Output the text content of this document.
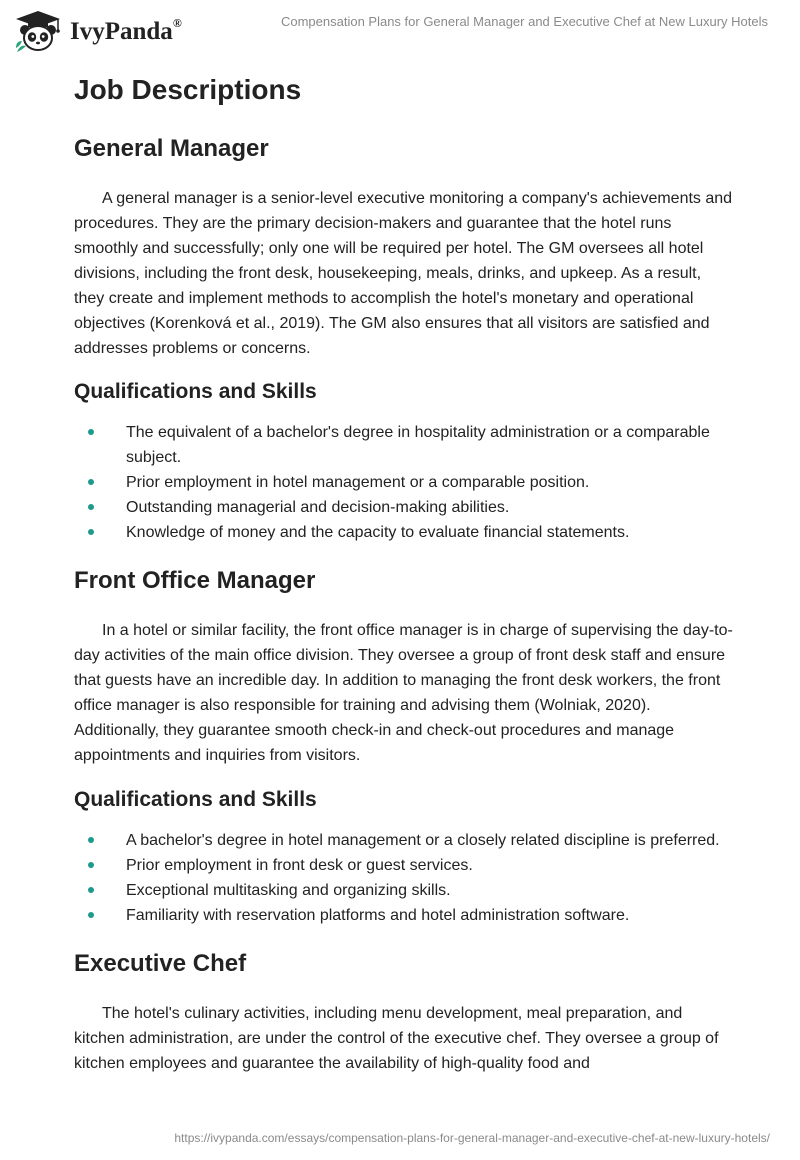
IvyPanda®	Compensation Plans for General Manager and Executive Chef at New Luxury Hotels
Job Descriptions
General Manager

A general manager is a senior-level executive monitoring a company's achievements and procedures. They are the primary decision-makers and guarantee that the hotel runs smoothly and successfully; only one will be required per hotel. The GM oversees all hotel divisions, including the front desk, housekeeping, meals, drinks, and upkeep. As a result, they create and implement methods to accomplish the hotel's monetary and operational objectives (Korenková et al., 2019). The GM also ensures that all visitors are satisfied and addresses problems or concerns.

Qualifications and Skills
The equivalent of a bachelor's degree in hospitality administration or a comparable subject.
Prior employment in hotel management or a comparable position.
Outstanding managerial and decision-making abilities.
Knowledge of money and the capacity to evaluate financial statements.
Front Office Manager

In a hotel or similar facility, the front office manager is in charge of supervising the day-to-day activities of the main office division. They oversee a group of front desk staff and ensure that guests have an incredible day. In addition to managing the front desk workers, the front office manager is also responsible for training and advising them (Wolniak, 2020). Additionally, they guarantee smooth check-in and check-out procedures and manage appointments and inquiries from visitors.

Qualifications and Skills
A bachelor's degree in hotel management or a closely related discipline is preferred.
Prior employment in front desk or guest services.
Exceptional multitasking and organizing skills.
Familiarity with reservation platforms and hotel administration software.
Executive Chef

The hotel's culinary activities, including menu development, meal preparation, and kitchen administration, are under the control of the executive chef. They oversee a group of kitchen employees and guarantee the availability of high-quality food and

https://ivypanda.com/essays/compensation-plans-for-general-manager-and-executive-chef-at-new-luxury-hotels/
